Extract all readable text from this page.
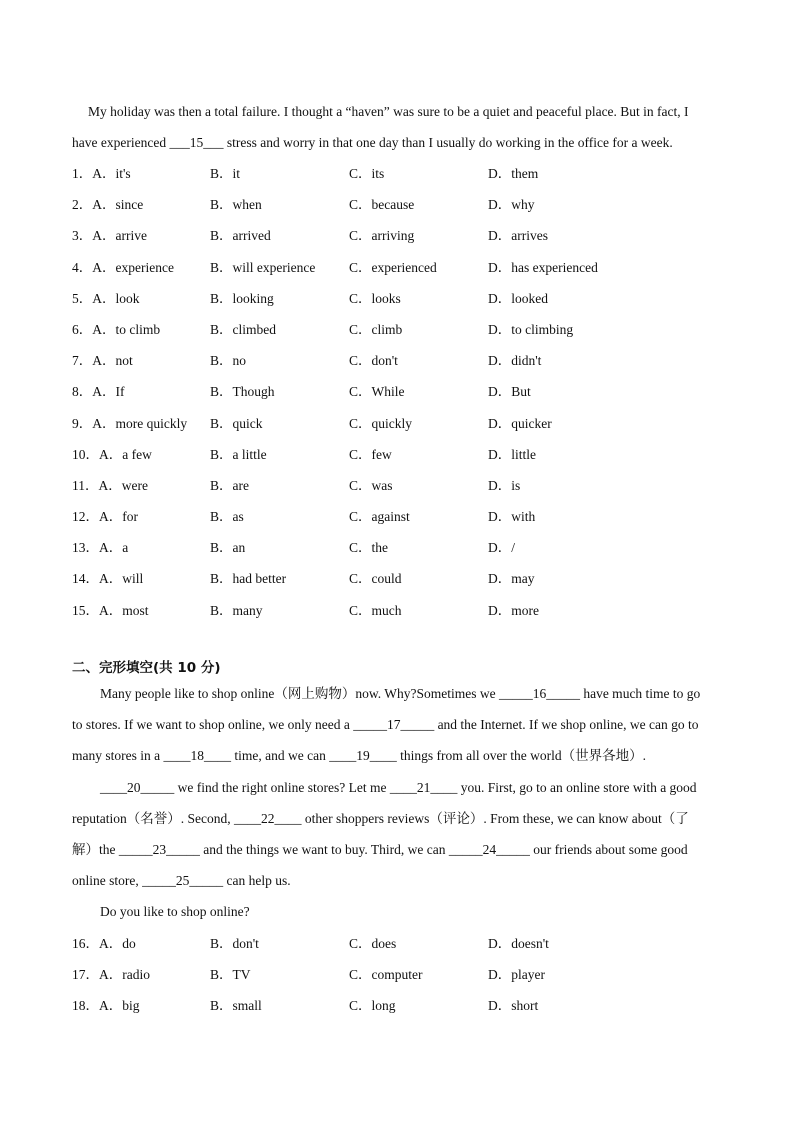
My holiday was then a total failure. I thought a “haven” was sure to be a quiet and peaceful place. But in fact, I
have experienced ___15___ stress and worry in that one day than I usually do working in the office for a week.
1．A．it's	B．it	C．its	D．them
2．A．since	B．when	C．because	D．why
3．A．arrive	B．arrived	C．arriving	D．arrives
4．A．experience	B．will experience	C．experienced	D．has experienced
5．A．look	B．looking	C．looks	D．looked
6．A．to climb	B．climbed	C．climb	D．to climbing
7．A．not	B．no	C．don't	D．didn't
8．A．If	B．Though	C．While	D．But
9．A．more quickly	B．quick	C．quickly	D．quicker
10．A．a few	B．a little	C．few	D．little
11．A．were	B．are	C．was	D．is
12．A．for	B．as	C．against	D．with
13．A．a	B．an	C．the	D．/
14．A．will	B．had better	C．could	D．may
15．A．most	B．many	C．much	D．more
二、完形填空(共 10 分)
Many people like to shop online（网上购物）now. Why?Sometimes we _____16_____ have much time to go
to stores. If we want to shop online, we only need a _____17_____ and the Internet. If we shop online, we can go to
many stores in a ____18____ time, and we can ____19____ things from all over the world（世界各地）.
____20_____ we find the right online stores? Let me ____21____ you. First, go to an online store with a good
reputation（名誉）. Second, ____22____ other shoppers reviews（评论）. From these, we can know about（了
解）the _____23_____ and the things we want to buy. Third, we can _____24_____ our friends about some good
online store, _____25_____ can help us.
Do you like to shop online?
16．A．do	B．don't	C．does	D．doesn't
17．A．radio	B．TV	C．computer	D．player
18．A．big	B．small	C．long	D．short
